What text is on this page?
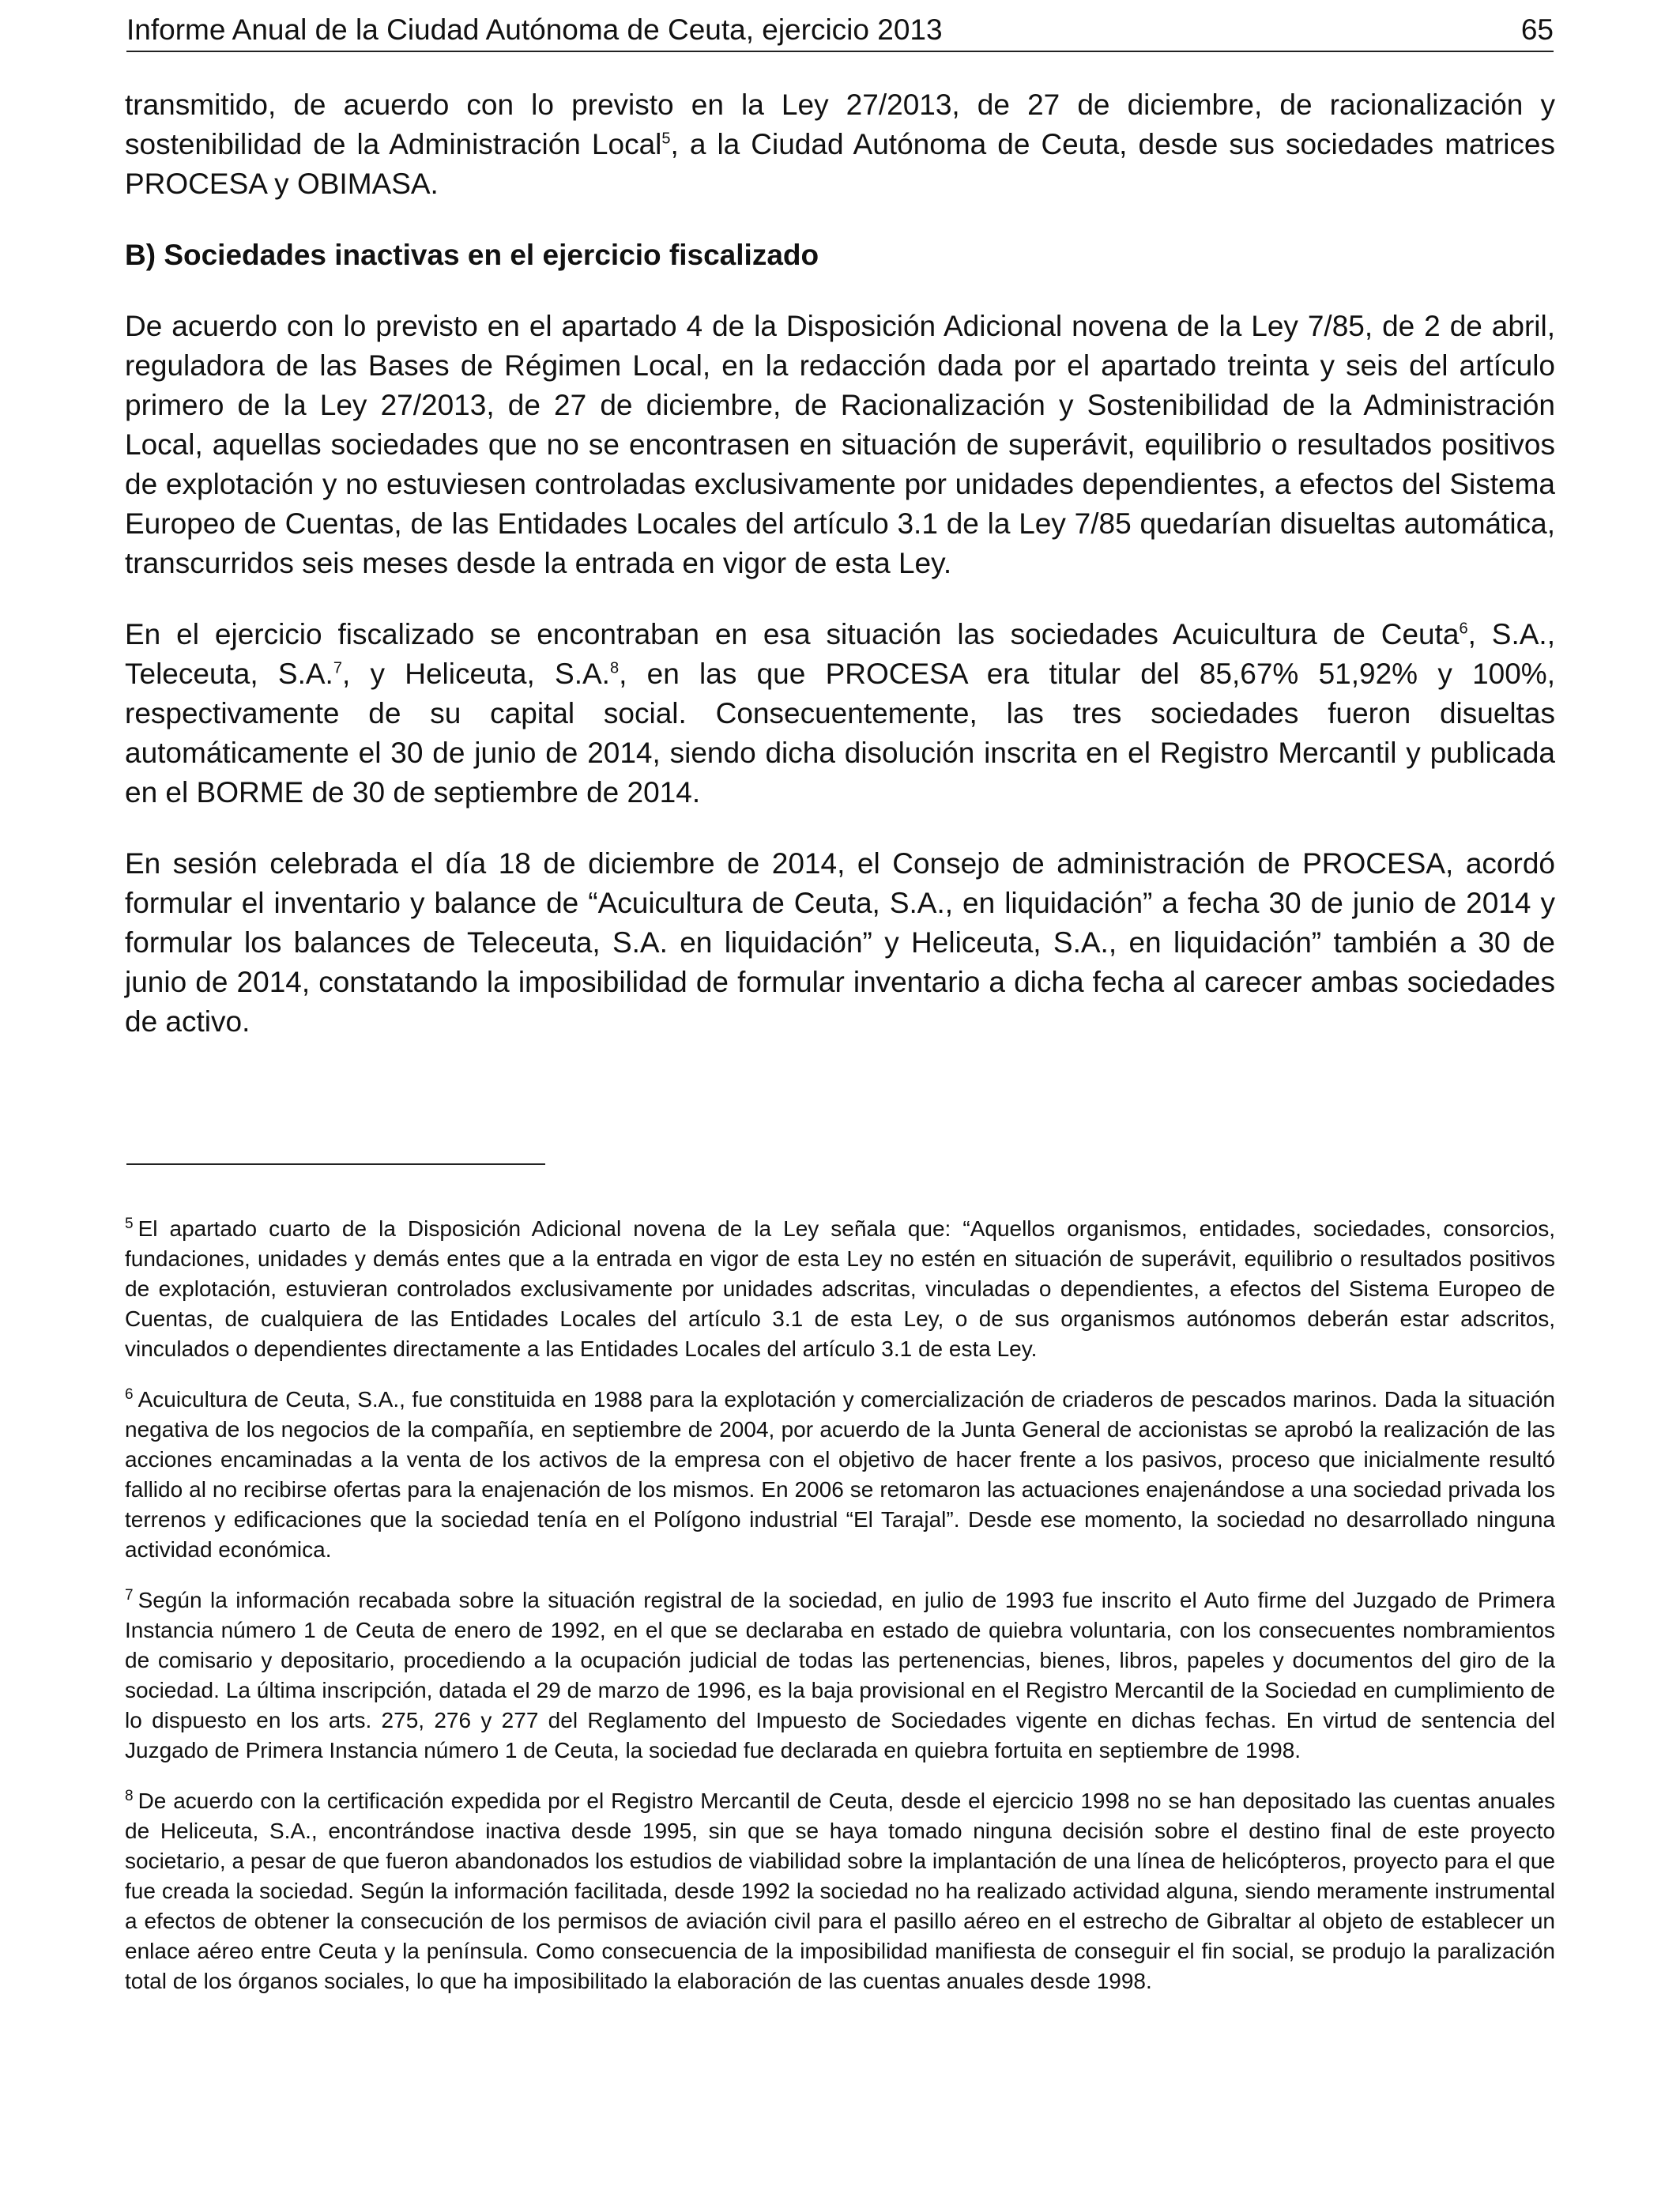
Informe Anual de la Ciudad Autónoma de Ceuta, ejercicio 2013	65

transmitido, de acuerdo con lo previsto en la Ley 27/2013, de 27 de diciembre, de racionalización y sostenibilidad de la Administración Local$^5$, a la Ciudad Autónoma de Ceuta, desde sus sociedades matrices PROCESA y OBIMASA.

B) Sociedades inactivas en el ejercicio fiscalizado

De acuerdo con lo previsto en el apartado 4 de la Disposición Adicional novena de la Ley 7/85, de 2 de abril, reguladora de las Bases de Régimen Local, en la redacción dada por el apartado treinta y seis del artículo primero de la Ley 27/2013, de 27 de diciembre, de Racionalización y Sostenibilidad de la Administración Local, aquellas sociedades que no se encontrasen en situación de superávit, equilibrio o resultados positivos de explotación y no estuviesen controladas exclusivamente por unidades dependientes, a efectos del Sistema Europeo de Cuentas, de las Entidades Locales del artículo 3.1 de la Ley 7/85 quedarían disueltas automática, transcurridos seis meses desde la entrada en vigor de esta Ley.

En el ejercicio fiscalizado se encontraban en esa situación las sociedades Acuicultura de Ceuta$^6$, S.A., Teleceuta, S.A.$^7$, y Heliceuta, S.A.$^8$, en las que PROCESA era titular del 85,67% 51,92% y 100%, respectivamente de su capital social. Consecuentemente, las tres sociedades fueron disueltas automáticamente el 30 de junio de 2014, siendo dicha disolución inscrita en el Registro Mercantil y publicada en el BORME de 30 de septiembre de 2014.

En sesión celebrada el día 18 de diciembre de 2014, el Consejo de administración de PROCESA, acordó formular el inventario y balance de “Acuicultura de Ceuta, S.A., en liquidación” a fecha 30 de junio de 2014 y formular los balances de Teleceuta, S.A. en liquidación” y Heliceuta, S.A., en liquidación” también a 30 de junio de 2014, constatando la imposibilidad de formular inventario a dicha fecha al carecer ambas sociedades de activo.

$^5$ El apartado cuarto de la Disposición Adicional novena de la Ley señala que: “Aquellos organismos, entidades, sociedades, consorcios, fundaciones, unidades y demás entes que a la entrada en vigor de esta Ley no estén en situación de superávit, equilibrio o resultados positivos de explotación, estuvieran controlados exclusivamente por unidades adscritas, vinculadas o dependientes, a efectos del Sistema Europeo de Cuentas, de cualquiera de las Entidades Locales del artículo 3.1 de esta Ley, o de sus organismos autónomos deberán estar adscritos, vinculados o dependientes directamente a las Entidades Locales del artículo 3.1 de esta Ley.

$^6$ Acuicultura de Ceuta, S.A., fue constituida en 1988 para la explotación y comercialización de criaderos de pescados marinos. Dada la situación negativa de los negocios de la compañía, en septiembre de 2004, por acuerdo de la Junta General de accionistas se aprobó la realización de las acciones encaminadas a la venta de los activos de la empresa con el objetivo de hacer frente a los pasivos, proceso que inicialmente resultó fallido al no recibirse ofertas para la enajenación de los mismos. En 2006 se retomaron las actuaciones enajenándose a una sociedad privada los terrenos y edificaciones que la sociedad tenía en el Polígono industrial “El Tarajal”. Desde ese momento, la sociedad no desarrollado ninguna actividad económica.

$^7$ Según la información recabada sobre la situación registral de la sociedad, en julio de 1993 fue inscrito el Auto firme del Juzgado de Primera Instancia número 1 de Ceuta de enero de 1992, en el que se declaraba en estado de quiebra voluntaria, con los consecuentes nombramientos de comisario y depositario, procediendo a la ocupación judicial de todas las pertenencias, bienes, libros, papeles y documentos del giro de la sociedad. La última inscripción, datada el 29 de marzo de 1996, es la baja provisional en el Registro Mercantil de la Sociedad en cumplimiento de lo dispuesto en los arts. 275, 276 y 277 del Reglamento del Impuesto de Sociedades vigente en dichas fechas. En virtud de sentencia del Juzgado de Primera Instancia número 1 de Ceuta, la sociedad fue declarada en quiebra fortuita en septiembre de 1998.

$^8$ De acuerdo con la certificación expedida por el Registro Mercantil de Ceuta, desde el ejercicio 1998 no se han depositado las cuentas anuales de Heliceuta, S.A., encontrándose inactiva desde 1995, sin que se haya tomado ninguna decisión sobre el destino final de este proyecto societario, a pesar de que fueron abandonados los estudios de viabilidad sobre la implantación de una línea de helicópteros, proyecto para el que fue creada la sociedad. Según la información facilitada, desde 1992 la sociedad no ha realizado actividad alguna, siendo meramente instrumental a efectos de obtener la consecución de los permisos de aviación civil para el pasillo aéreo en el estrecho de Gibraltar al objeto de establecer un enlace aéreo entre Ceuta y la península. Como consecuencia de la imposibilidad manifiesta de conseguir el fin social, se produjo la paralización total de los órganos sociales, lo que ha imposibilitado la elaboración de las cuentas anuales desde 1998.
